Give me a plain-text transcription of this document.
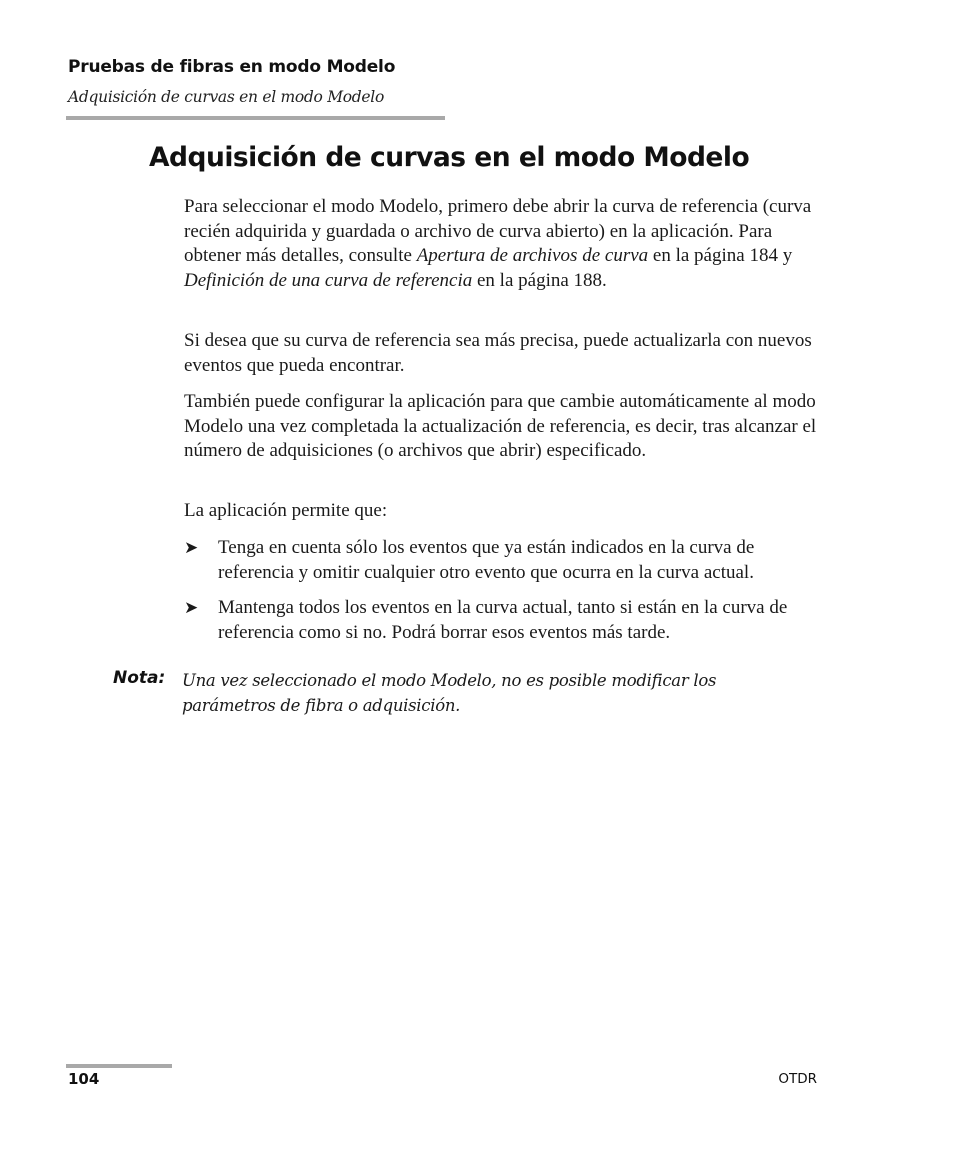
Pruebas de fibras en modo Modelo
Adquisición de curvas en el modo Modelo
Adquisición de curvas en el modo Modelo

Para seleccionar el modo Modelo, primero debe abrir la curva de referencia (curva recién adquirida y guardada o archivo de curva abierto) en la aplicación. Para obtener más detalles, consulte Apertura de archivos de curva en la página 184 y Definición de una curva de referencia en la página 188.

Si desea que su curva de referencia sea más precisa, puede actualizarla con nuevos eventos que pueda encontrar.

También puede configurar la aplicación para que cambie automáticamente al modo Modelo una vez completada la actualización de referencia, es decir, tras alcanzar el número de adquisiciones (o archivos que abrir) especificado.

La aplicación permite que:

➤ Tenga en cuenta sólo los eventos que ya están indicados en la curva de referencia y omitir cualquier otro evento que ocurra en la curva actual.
➤ Mantenga todos los eventos en la curva actual, tanto si están en la curva de referencia como si no. Podrá borrar esos eventos más tarde.
Nota: Una vez seleccionado el modo Modelo, no es posible modificar los parámetros de fibra o adquisición.
104	OTDR
